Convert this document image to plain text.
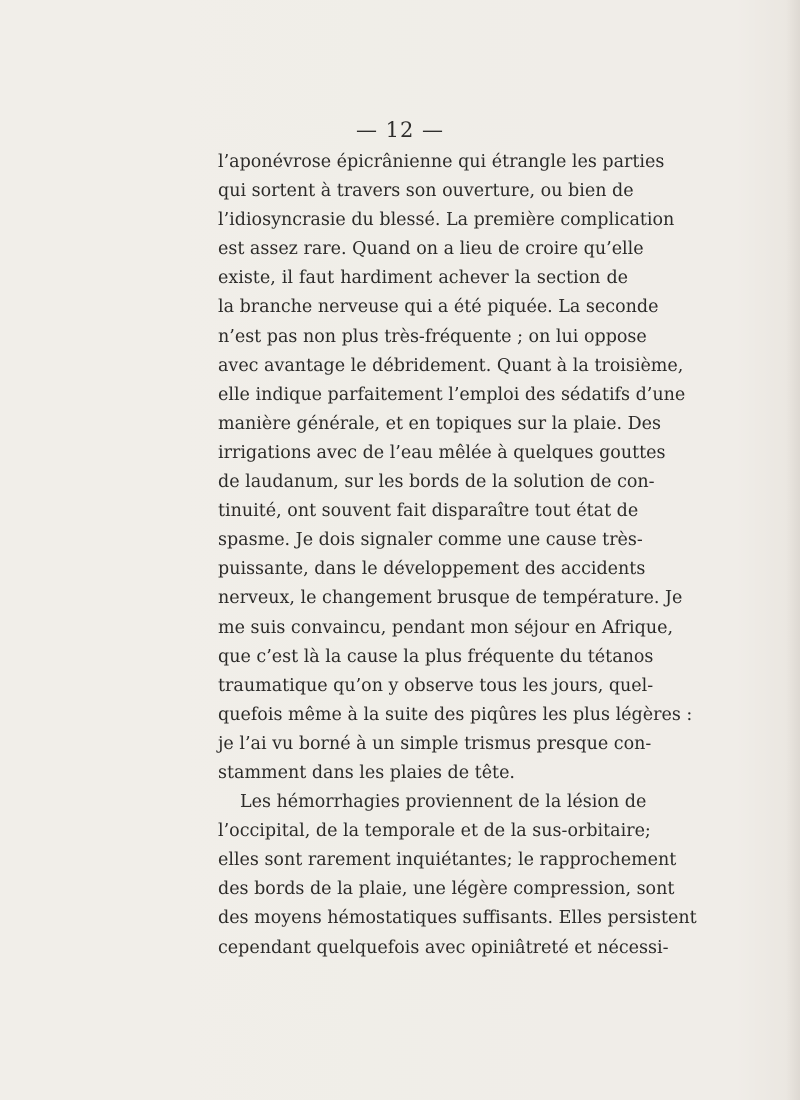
— 12 —
l’aponévrose épicrânienne qui étrangle les parties
qui sortent à travers son ouverture, ou bien de
l’idiosyncrasie du blessé. La première complication
est assez rare. Quand on a lieu de croire qu’elle
existe, il faut hardiment achever la section de
la branche nerveuse qui a été piquée. La seconde
n’est pas non plus très-fréquente ; on lui oppose
avec avantage le débridement. Quant à la troisième,
elle indique parfaitement l’emploi des sédatifs d’une
manière générale, et en topiques sur la plaie. Des
irrigations avec de l’eau mêlée à quelques gouttes
de laudanum, sur les bords de la solution de con-
tinuité, ont souvent fait disparaître tout état de
spasme. Je dois signaler comme une cause très-
puissante, dans le développement des accidents
nerveux, le changement brusque de température. Je
me suis convaincu, pendant mon séjour en Afrique,
que c’est là la cause la plus fréquente du tétanos
traumatique qu’on y observe tous les jours, quel-
quefois même à la suite des piqûres les plus légères :
je l’ai vu borné à un simple trismus presque con-
stamment dans les plaies de tête.
Les hémorrhagies proviennent de la lésion de
l’occipital, de la temporale et de la sus-orbitaire;
elles sont rarement inquiétantes; le rapprochement
des bords de la plaie, une légère compression, sont
des moyens hémostatiques suffisants. Elles persistent
cependant quelquefois avec opiniâtreté et nécessi-
